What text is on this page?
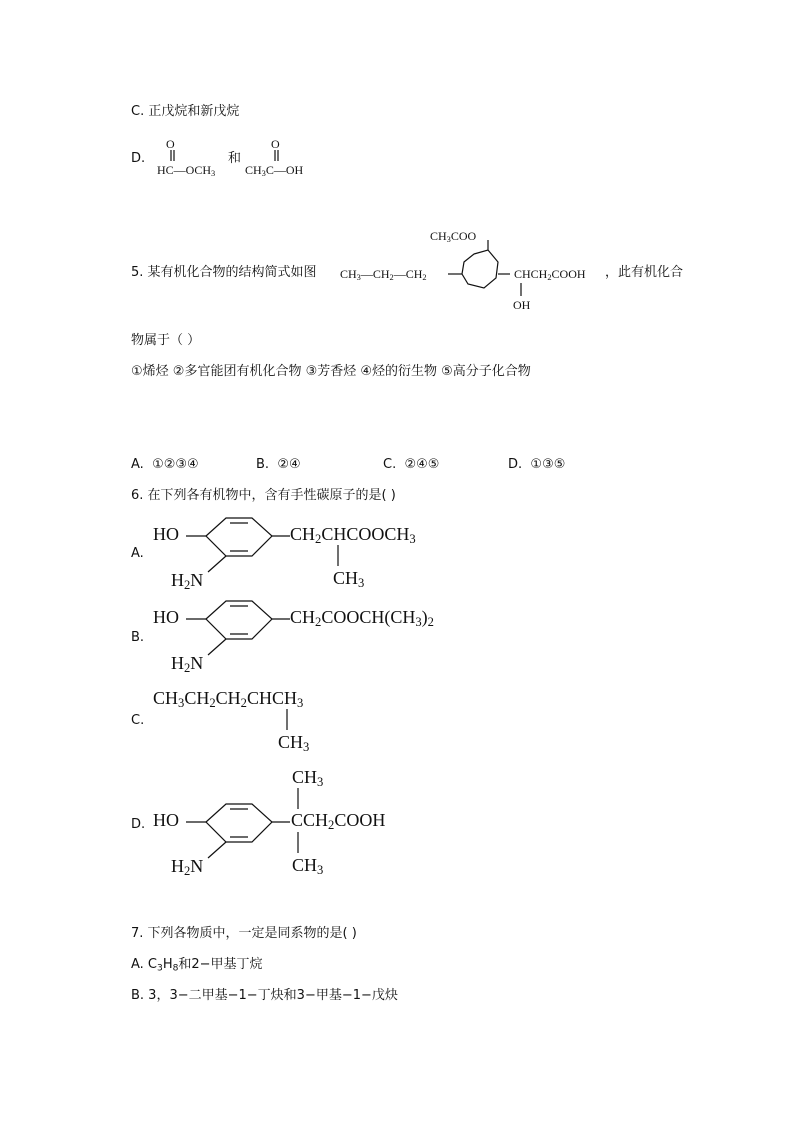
C. 正戊烷和新戊烷
D.
O
$HC—OCH_3$
和
O
$CH_3C—OH$
5. 某有机化合物的结构简式如图
$CH_3COO$
$CH_3—CH_2—CH_2$	$CHCH_2COOH$
OH
，此有机化合
物属于（ ）
①烯烃 ②多官能团有机化合物 ③芳香烃 ④烃的衍生物 ⑤高分子化合物
A. ①②③④	B. ②④	C. ②④⑤	D. ①③⑤
6. 在下列各有机物中，含有手性碳原子的是( )
A.
HO	$CH_2CHCOOCH_3$
$CH_3$
$H_2N$
B.
HO	$CH_2COOCH(CH_3)_2$
$H_2N$
C.
$CH_3CH_2CH_2CHCH_3$
$CH_3$
D.
$CH_3$
HO	$CCH_2COOH$
$CH_3$
$H_2N$
7. 下列各物质中，一定是同系物的是( )
A. $C_3H_8$和2−甲基丁烷
B. 3，3−二甲基−1−丁炔和3−甲基−1−戊炔
